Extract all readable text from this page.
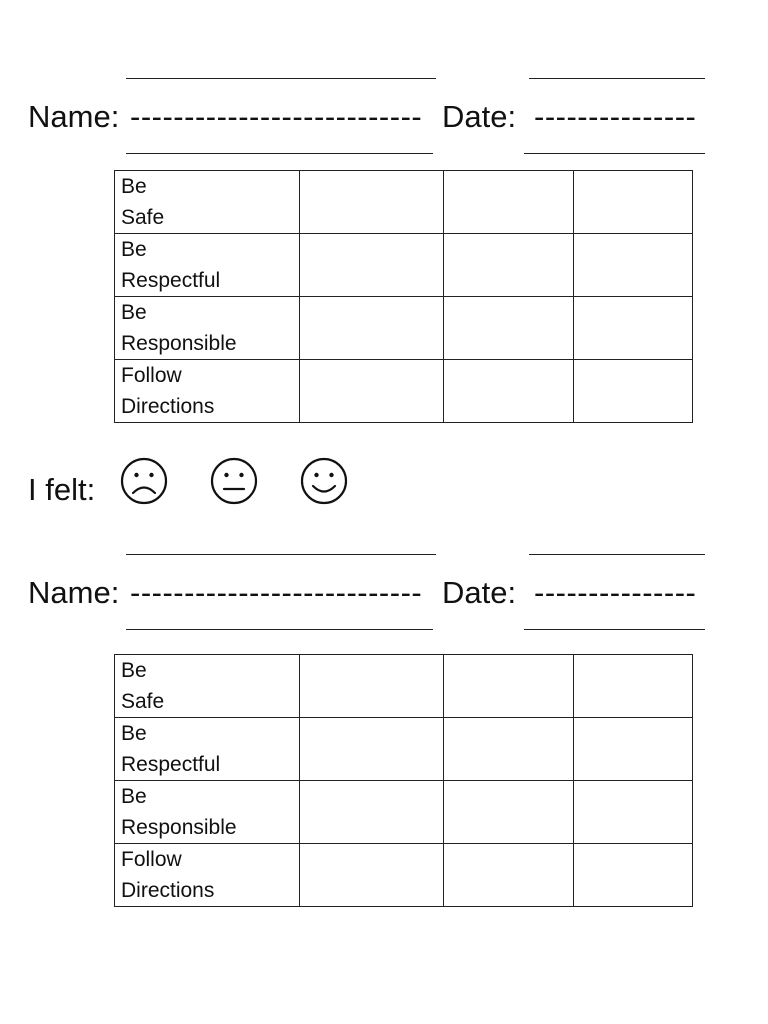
Name: --------------------------- Date: ---------------
Be
Safe			

Be
Respectful			

Be
Responsible			

Follow
Directions			

I felt:
Name: --------------------------- Date: ---------------
Be
Safe			

Be
Respectful			

Be
Responsible			

Follow
Directions			
